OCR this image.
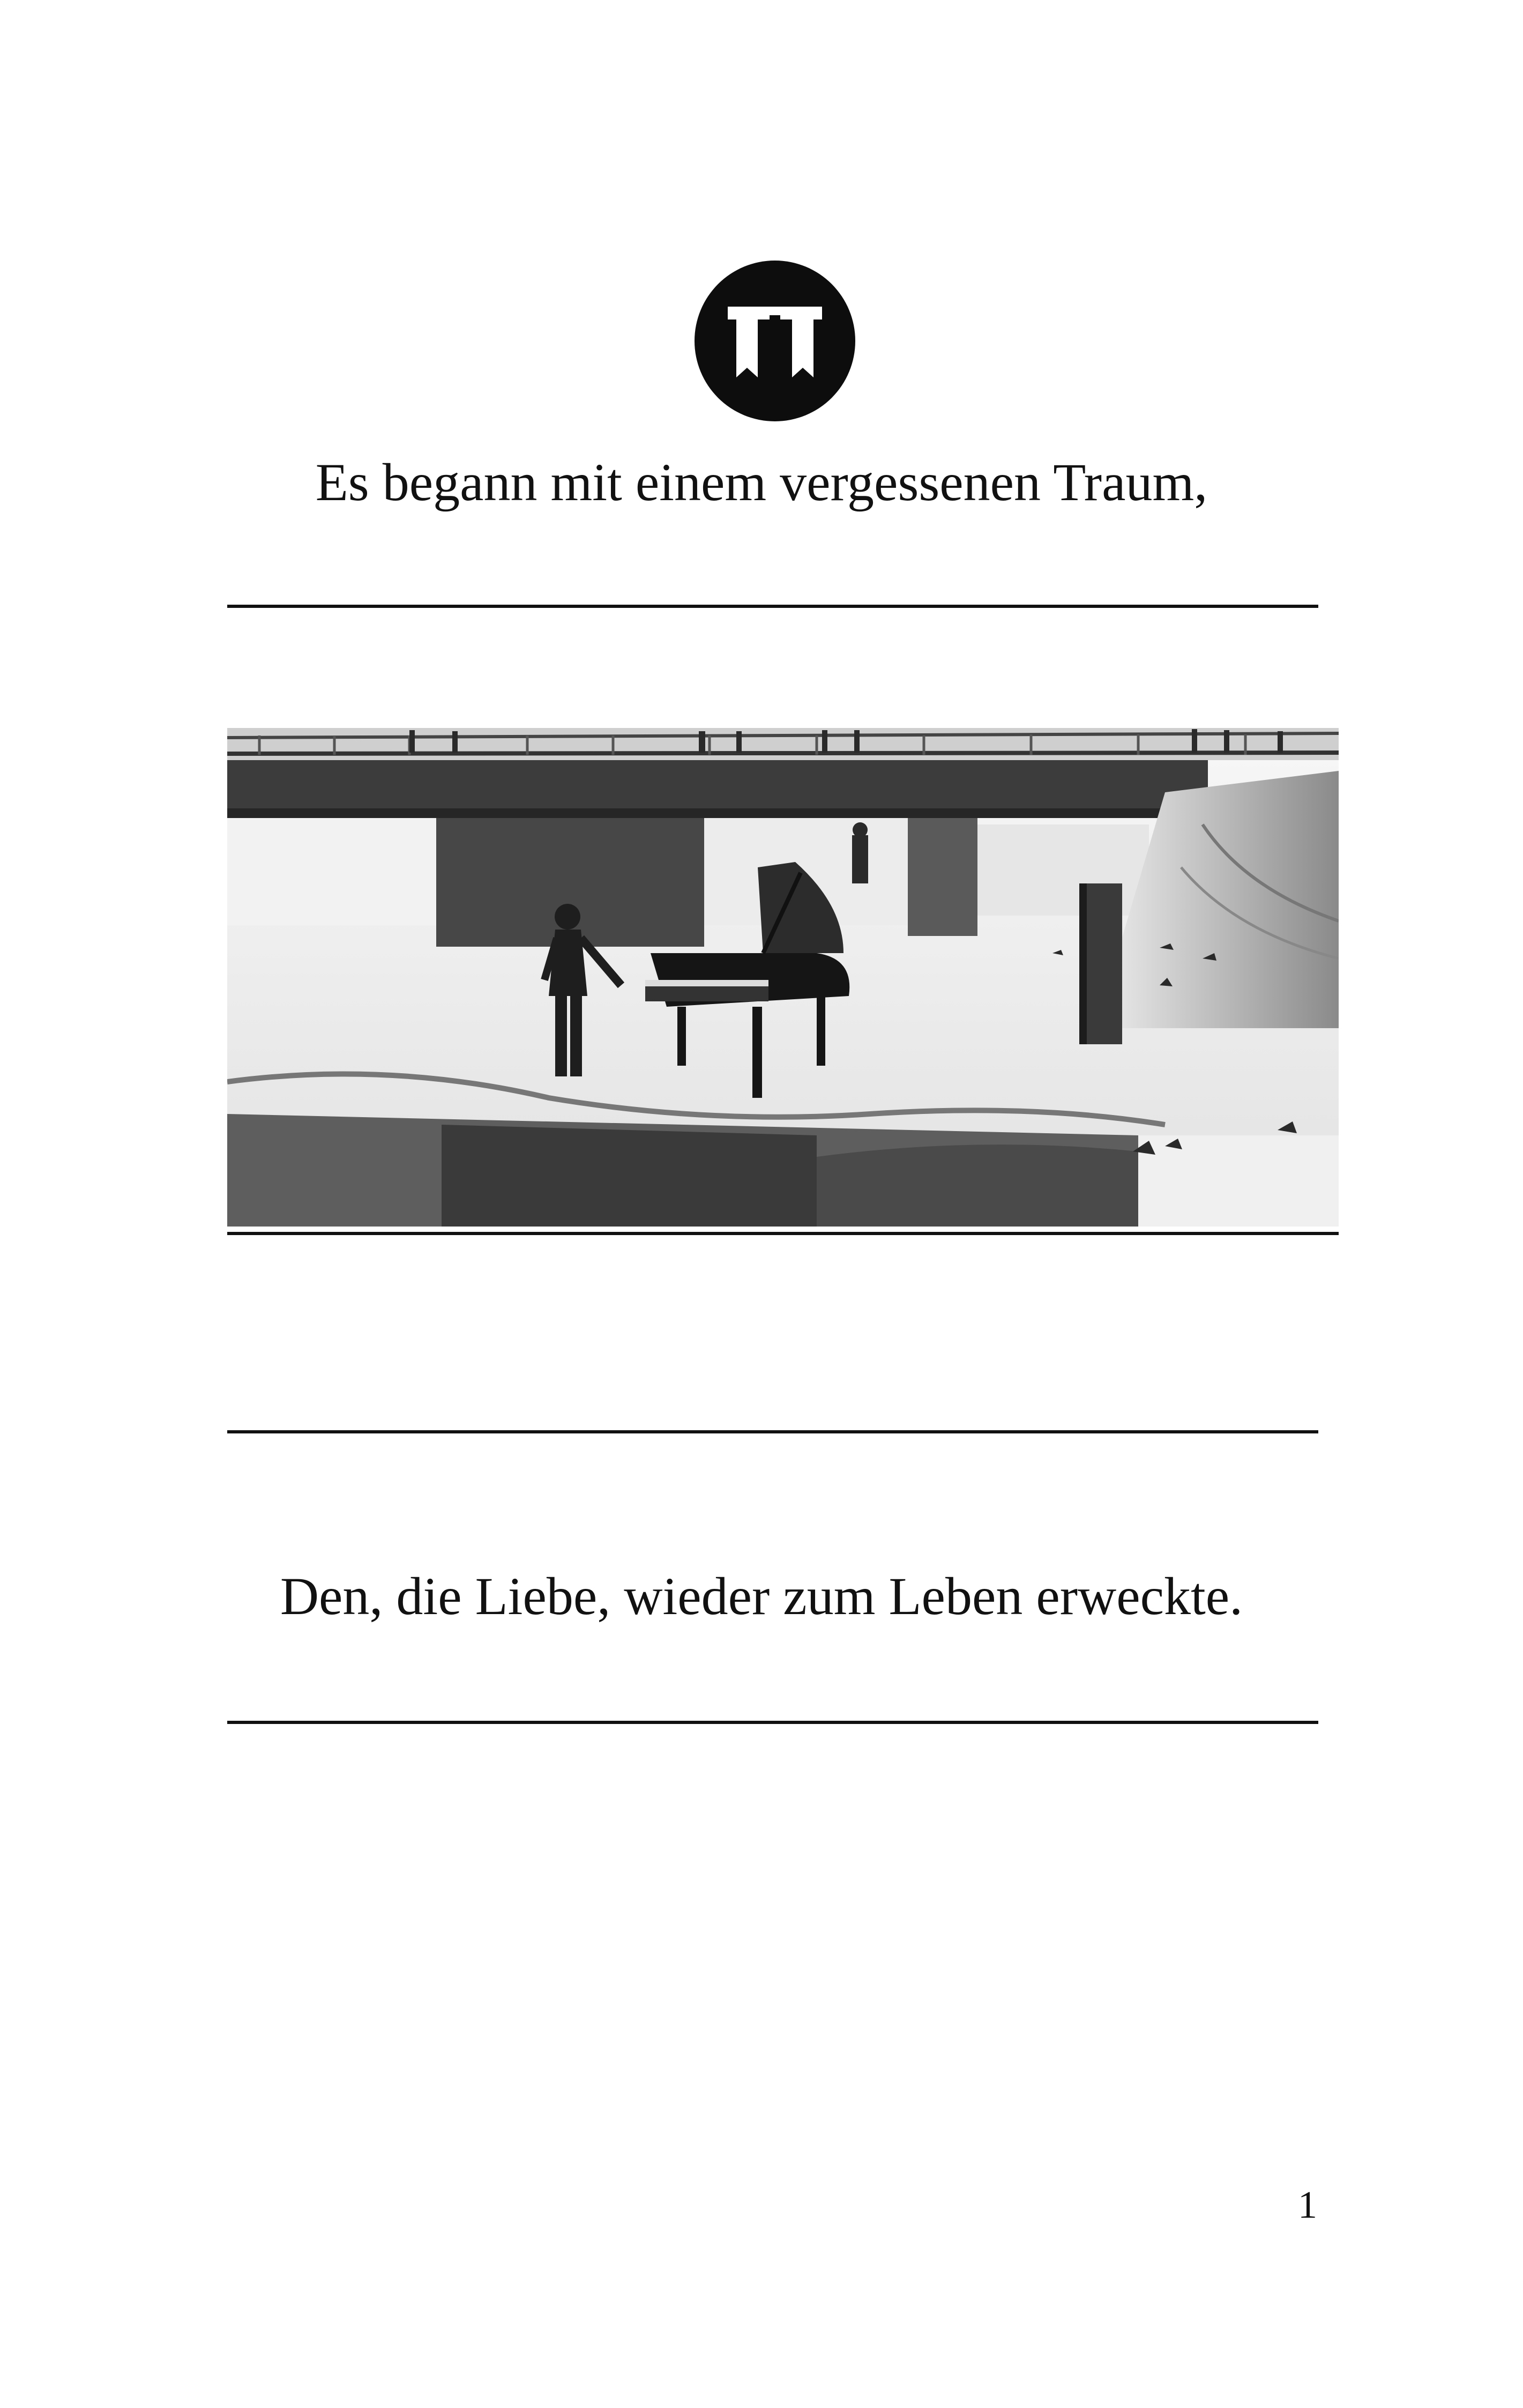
Es begann mit einem vergessenen Traum,
Den, die Liebe, wieder zum Leben erweckte.
1
